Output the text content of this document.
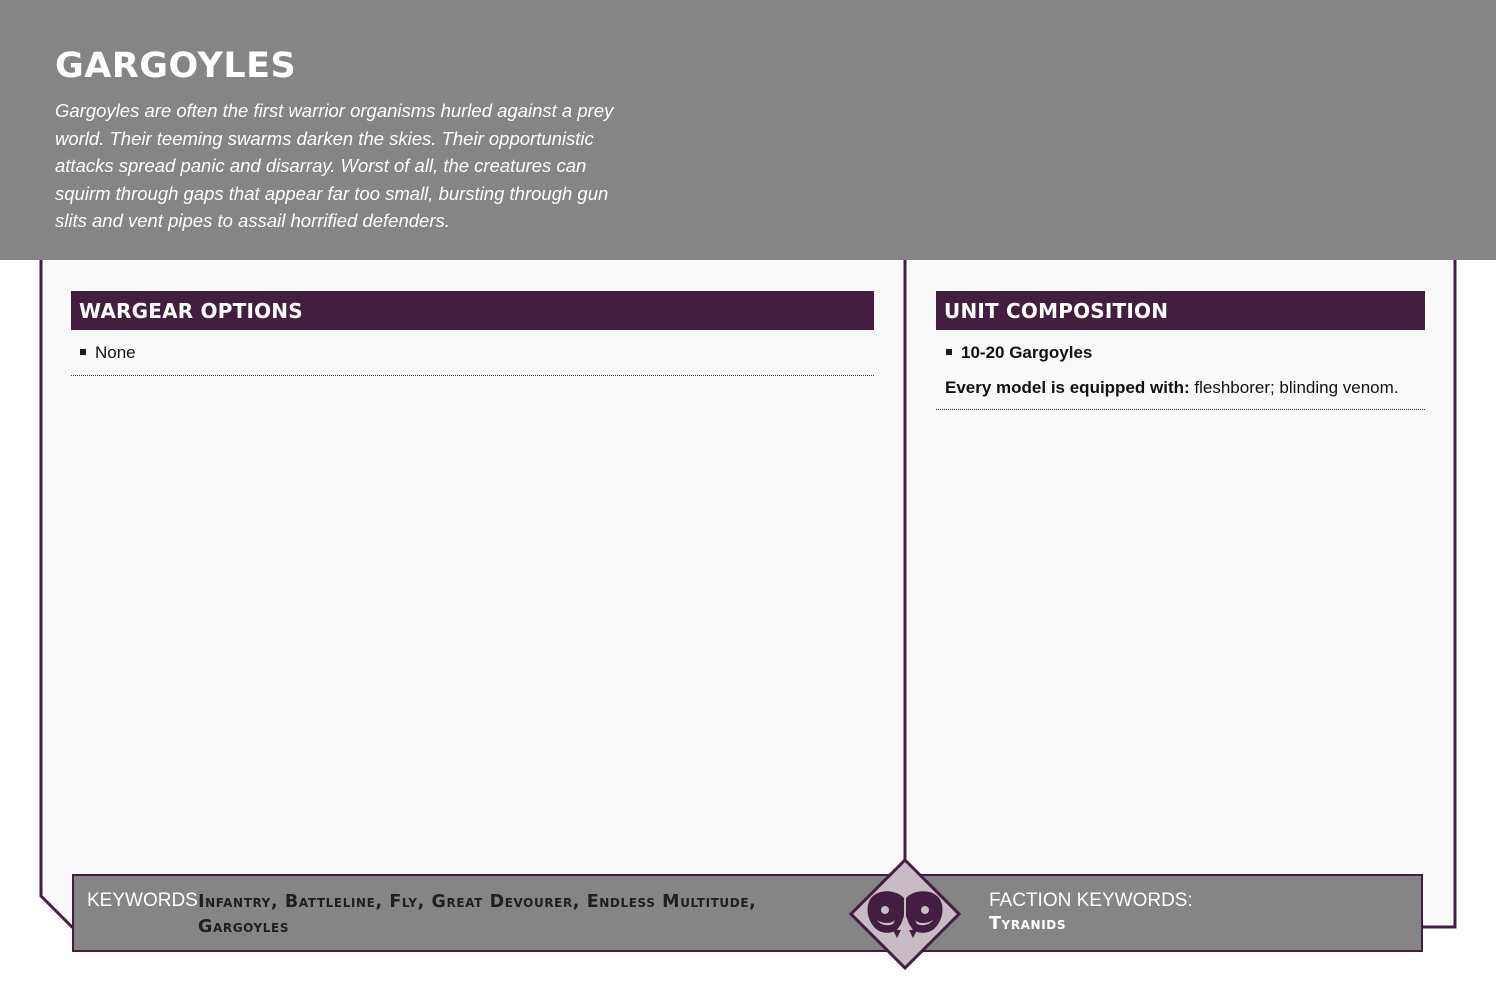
GARGOYLES
Gargoyles are often the first warrior organisms hurled against a prey world. Their teeming swarms darken the skies. Their opportunistic attacks spread panic and disarray. Worst of all, the creatures can squirm through gaps that appear far too small, bursting through gun slits and vent pipes to assail horrified defenders.
WARGEAR OPTIONS
None
UNIT COMPOSITION
10-20 Gargoyles
Every model is equipped with: fleshborer; blinding venom.
KEYWORDS:
Infantry, Battleline, Fly, Great Devourer, Endless Multitude, Gargoyles
FACTION KEYWORDS:
Tyranids
